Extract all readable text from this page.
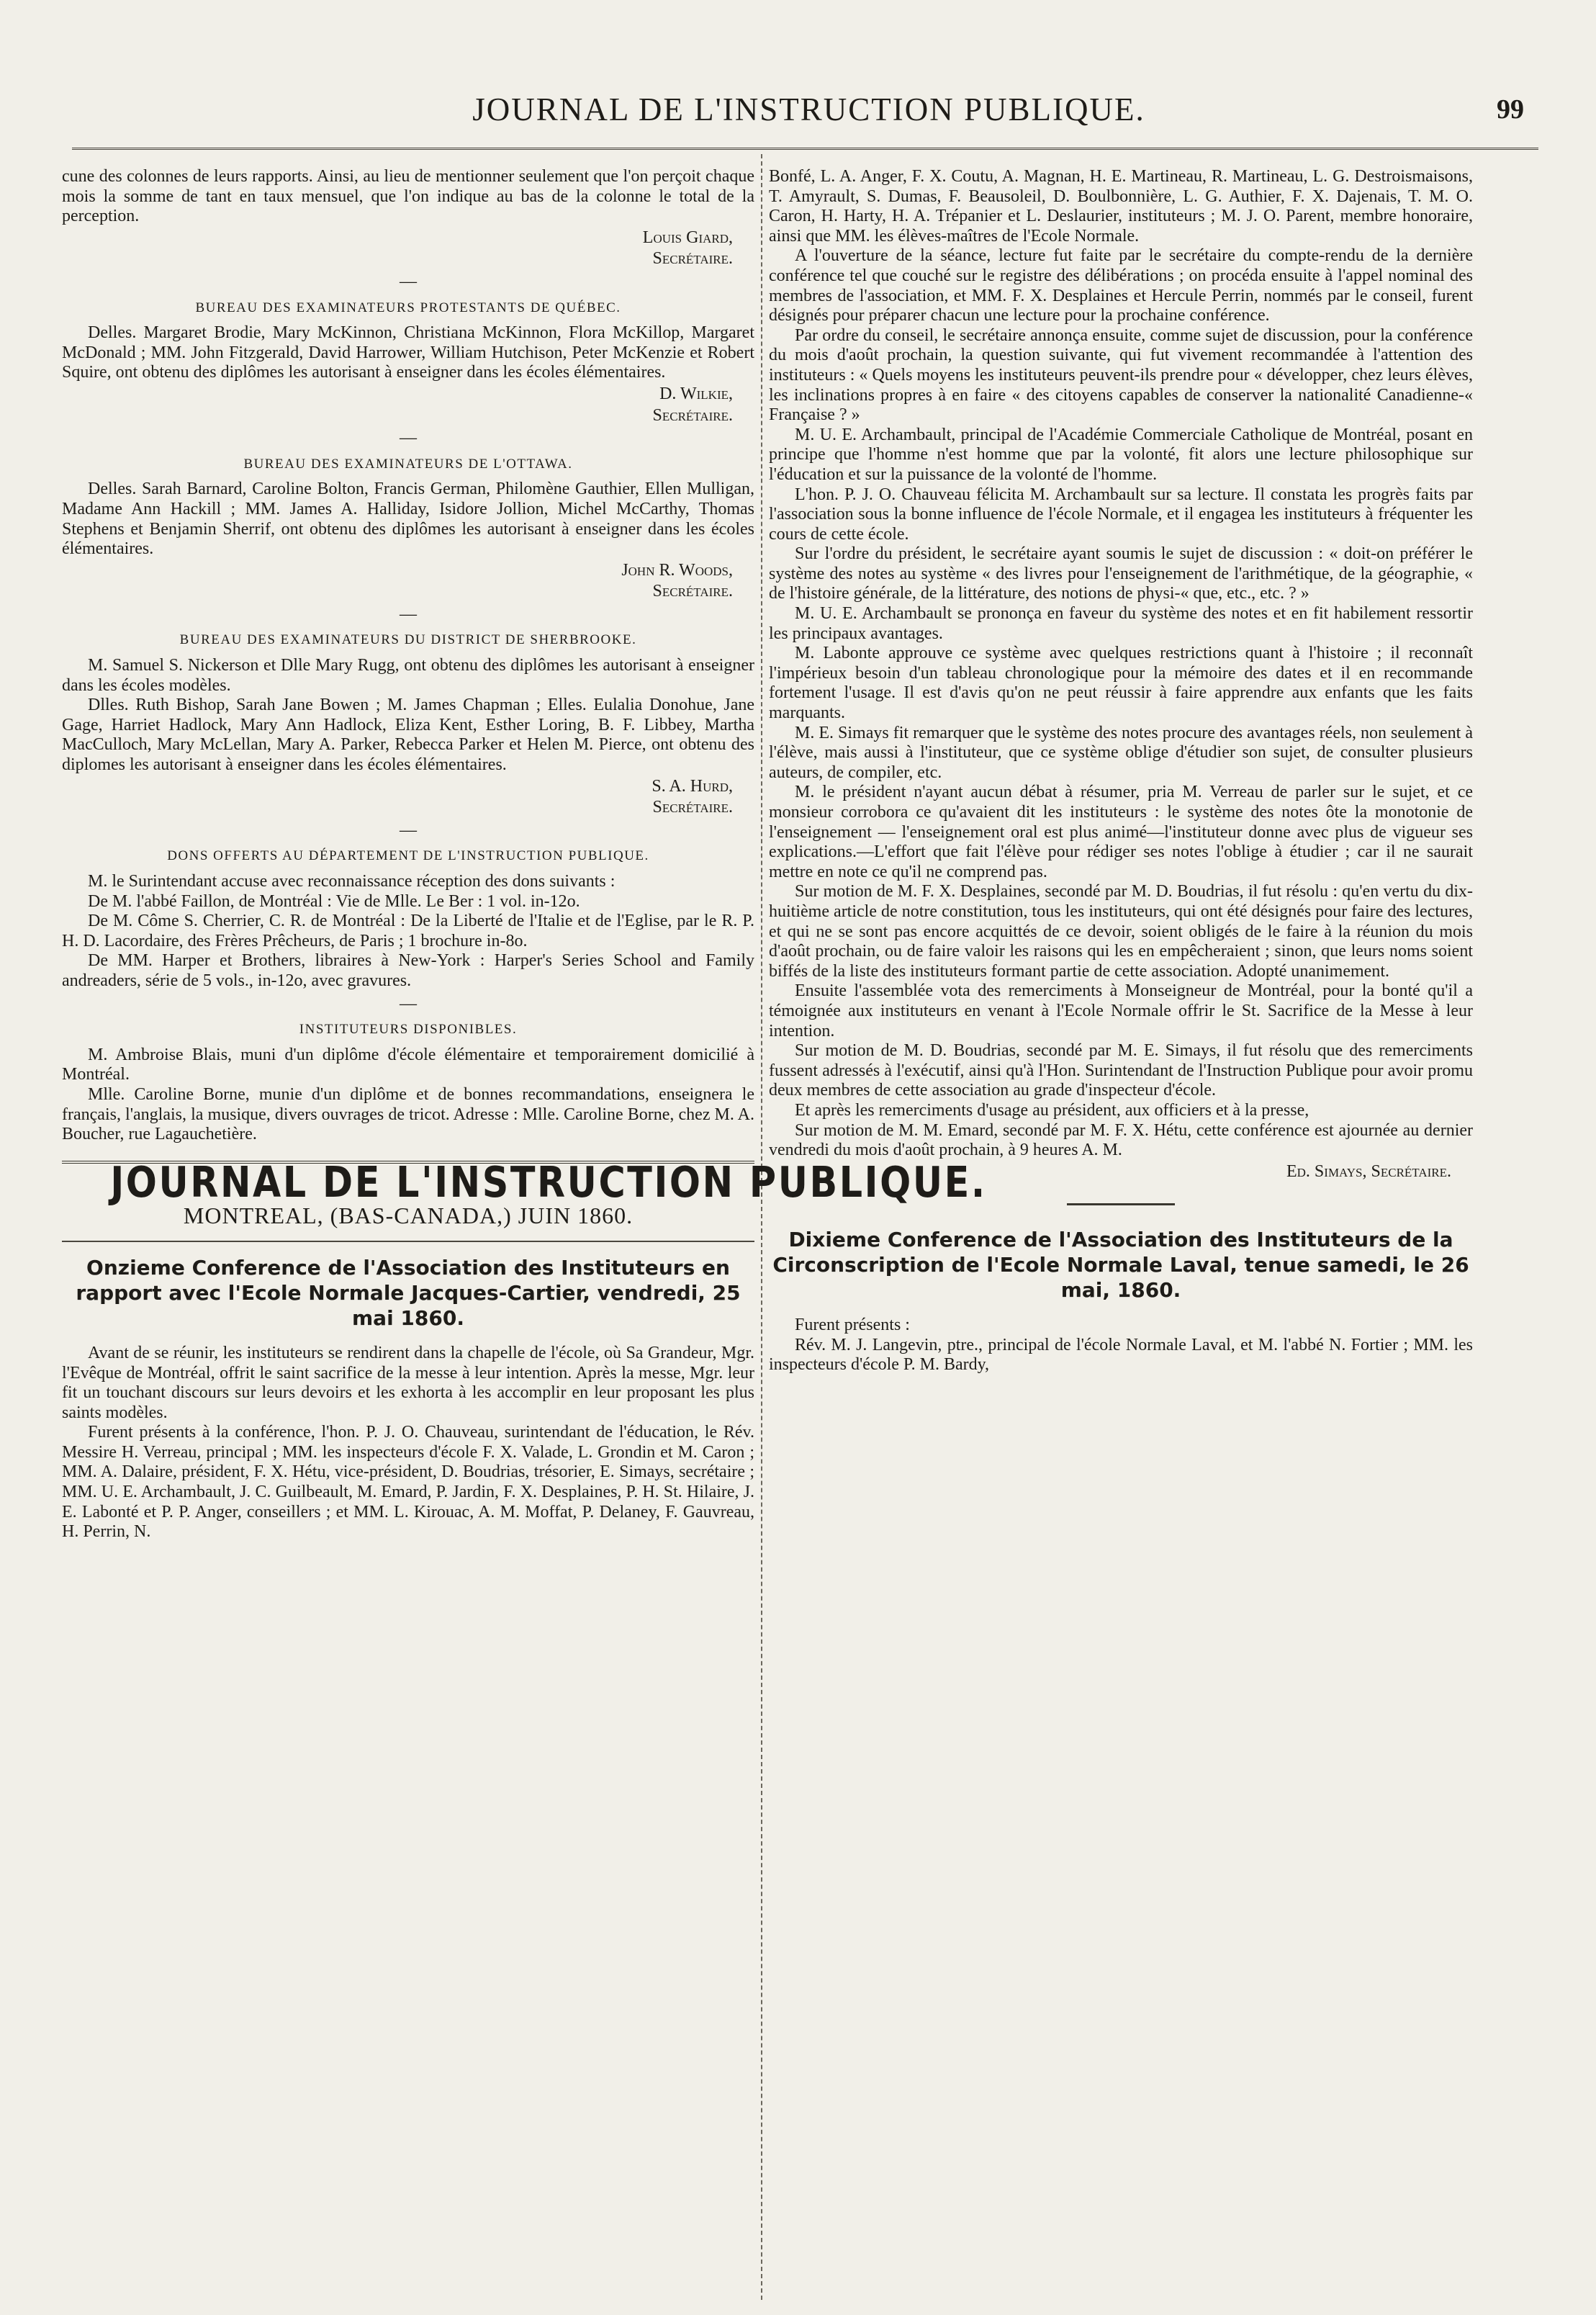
JOURNAL DE L'INSTRUCTION PUBLIQUE.	99

cune des colonnes de leurs rapports. Ainsi, au lieu de mentionner seulement que l'on perçoit chaque mois la somme de tant en taux mensuel, que l'on indique au bas de la colonne le total de la perception.

Louis Giard,
Secrétaire.
—
BUREAU DES EXAMINATEURS PROTESTANTS DE QUÉBEC.

Delles. Margaret Brodie, Mary McKinnon, Christiana McKinnon, Flora McKillop, Margaret McDonald ; MM. John Fitzgerald, David Harrower, William Hutchison, Peter McKenzie et Robert Squire, ont obtenu des diplômes les autorisant à enseigner dans les écoles élémentaires.

D. Wilkie,
Secrétaire.
—
BUREAU DES EXAMINATEURS DE L'OTTAWA.

Delles. Sarah Barnard, Caroline Bolton, Francis German, Philomène Gauthier, Ellen Mulligan, Madame Ann Hackill ; MM. James A. Halliday, Isidore Jollion, Michel McCarthy, Thomas Stephens et Benjamin Sherrif, ont obtenu des diplômes les autorisant à enseigner dans les écoles élémentaires.

John R. Woods,
Secrétaire.
—
BUREAU DES EXAMINATEURS DU DISTRICT DE SHERBROOKE.

M. Samuel S. Nickerson et Dlle Mary Rugg, ont obtenu des diplômes les autorisant à enseigner dans les écoles modèles.

Dlles. Ruth Bishop, Sarah Jane Bowen ; M. James Chapman ; Elles. Eulalia Donohue, Jane Gage, Harriet Hadlock, Mary Ann Hadlock, Eliza Kent, Esther Loring, B. F. Libbey, Martha MacCulloch, Mary McLellan, Mary A. Parker, Rebecca Parker et Helen M. Pierce, ont obtenu des diplomes les autorisant à enseigner dans les écoles élémentaires.

S. A. Hurd,
Secrétaire.
—
DONS OFFERTS AU DÉPARTEMENT DE L'INSTRUCTION PUBLIQUE.

M. le Surintendant accuse avec reconnaissance réception des dons suivants :

De M. l'abbé Faillon, de Montréal : Vie de Mlle. Le Ber : 1 vol. in-12o.

De M. Côme S. Cherrier, C. R. de Montréal : De la Liberté de l'Italie et de l'Eglise, par le R. P. H. D. Lacordaire, des Frères Prêcheurs, de Paris ; 1 brochure in-8o.

De MM. Harper et Brothers, libraires à New-York : Harper's Series School and Family andreaders, série de 5 vols., in-12o, avec gravures.

—
INSTITUTEURS DISPONIBLES.

M. Ambroise Blais, muni d'un diplôme d'école élémentaire et temporairement domicilié à Montréal.

Mlle. Caroline Borne, munie d'un diplôme et de bonnes recommandations, enseignera le français, l'anglais, la musique, divers ouvrages de tricot. Adresse : Mlle. Caroline Borne, chez M. A. Boucher, rue Lagauchetière.

JOURNAL DE L'INSTRUCTION PUBLIQUE.
MONTREAL, (BAS-CANADA,) JUIN 1860.
Onzieme Conference de l'Association des Instituteurs en rapport avec l'Ecole Normale Jacques-Cartier, vendredi, 25 mai 1860.

Avant de se réunir, les instituteurs se rendirent dans la chapelle de l'école, où Sa Grandeur, Mgr. l'Evêque de Montréal, offrit le saint sacrifice de la messe à leur intention. Après la messe, Mgr. leur fit un touchant discours sur leurs devoirs et les exhorta à les accomplir en leur proposant les plus saints modèles.

Furent présents à la conférence, l'hon. P. J. O. Chauveau, surintendant de l'éducation, le Rév. Messire H. Verreau, principal ; MM. les inspecteurs d'école F. X. Valade, L. Grondin et M. Caron ; MM. A. Dalaire, président, F. X. Hétu, vice-président, D. Boudrias, trésorier, E. Simays, secrétaire ; MM. U. E. Archambault, J. C. Guilbeault, M. Emard, P. Jardin, F. X. Desplaines, P. H. St. Hilaire, J. E. Labonté et P. P. Anger, conseillers ; et MM. L. Kirouac, A. M. Moffat, P. Delaney, F. Gauvreau, H. Perrin, N.

Bonfé, L. A. Anger, F. X. Coutu, A. Magnan, H. E. Martineau, R. Martineau, L. G. Destroismaisons, T. Amyrault, S. Dumas, F. Beausoleil, D. Boulbonnière, L. G. Authier, F. X. Dajenais, T. M. O. Caron, H. Harty, H. A. Trépanier et L. Deslaurier, instituteurs ; M. J. O. Parent, membre honoraire, ainsi que MM. les élèves-maîtres de l'Ecole Normale.

A l'ouverture de la séance, lecture fut faite par le secrétaire du compte-rendu de la dernière conférence tel que couché sur le registre des délibérations ; on procéda ensuite à l'appel nominal des membres de l'association, et MM. F. X. Desplaines et Hercule Perrin, nommés par le conseil, furent désignés pour préparer chacun une lecture pour la prochaine conférence.

Par ordre du conseil, le secrétaire annonça ensuite, comme sujet de discussion, pour la conférence du mois d'août prochain, la question suivante, qui fut vivement recommandée à l'attention des instituteurs : « Quels moyens les instituteurs peuvent-ils prendre pour « développer, chez leurs élèves, les inclinations propres à en faire « des citoyens capables de conserver la nationalité Canadienne-« Française ? »

M. U. E. Archambault, principal de l'Académie Commerciale Catholique de Montréal, posant en principe que l'homme n'est homme que par la volonté, fit alors une lecture philosophique sur l'éducation et sur la puissance de la volonté de l'homme.

L'hon. P. J. O. Chauveau félicita M. Archambault sur sa lecture. Il constata les progrès faits par l'association sous la bonne influence de l'école Normale, et il engagea les instituteurs à fréquenter les cours de cette école.

Sur l'ordre du président, le secrétaire ayant soumis le sujet de discussion : « doit-on préférer le système des notes au système « des livres pour l'enseignement de l'arithmétique, de la géographie, « de l'histoire générale, de la littérature, des notions de physi-« que, etc., etc. ? »

M. U. E. Archambault se prononça en faveur du système des notes et en fit habilement ressortir les principaux avantages.

M. Labonte approuve ce système avec quelques restrictions quant à l'histoire ; il reconnaît l'impérieux besoin d'un tableau chronologique pour la mémoire des dates et il en recommande fortement l'usage. Il est d'avis qu'on ne peut réussir à faire apprendre aux enfants que les faits marquants.

M. E. Simays fit remarquer que le système des notes procure des avantages réels, non seulement à l'élève, mais aussi à l'instituteur, que ce système oblige d'étudier son sujet, de consulter plusieurs auteurs, de compiler, etc.

M. le président n'ayant aucun débat à résumer, pria M. Verreau de parler sur le sujet, et ce monsieur corrobora ce qu'avaient dit les instituteurs : le système des notes ôte la monotonie de l'enseignement — l'enseignement oral est plus animé—l'instituteur donne avec plus de vigueur ses explications.—L'effort que fait l'élève pour rédiger ses notes l'oblige à étudier ; car il ne saurait mettre en note ce qu'il ne comprend pas.

Sur motion de M. F. X. Desplaines, secondé par M. D. Boudrias, il fut résolu : qu'en vertu du dix-huitième article de notre constitution, tous les instituteurs, qui ont été désignés pour faire des lectures, et qui ne se sont pas encore acquittés de ce devoir, soient obligés de le faire à la réunion du mois d'août prochain, ou de faire valoir les raisons qui les en empêcheraient ; sinon, que leurs noms soient biffés de la liste des instituteurs formant partie de cette association. Adopté unanimement.

Ensuite l'assemblée vota des remerciments à Monseigneur de Montréal, pour la bonté qu'il a témoignée aux instituteurs en venant à l'Ecole Normale offrir le St. Sacrifice de la Messe à leur intention.

Sur motion de M. D. Boudrias, secondé par M. E. Simays, il fut résolu que des remerciments fussent adressés à l'exécutif, ainsi qu'à l'Hon. Surintendant de l'Instruction Publique pour avoir promu deux membres de cette association au grade d'inspecteur d'école.

Et après les remerciments d'usage au président, aux officiers et à la presse,

Sur motion de M. M. Emard, secondé par M. F. X. Hétu, cette conférence est ajournée au dernier vendredi du mois d'août prochain, à 9 heures A. M.

Ed. Simays, Secrétaire.
Dixieme Conference de l'Association des Instituteurs de la Circonscription de l'Ecole Normale Laval, tenue samedi, le 26 mai, 1860.

Furent présents :

Rév. M. J. Langevin, ptre., principal de l'école Normale Laval, et M. l'abbé N. Fortier ; MM. les inspecteurs d'école P. M. Bardy,
